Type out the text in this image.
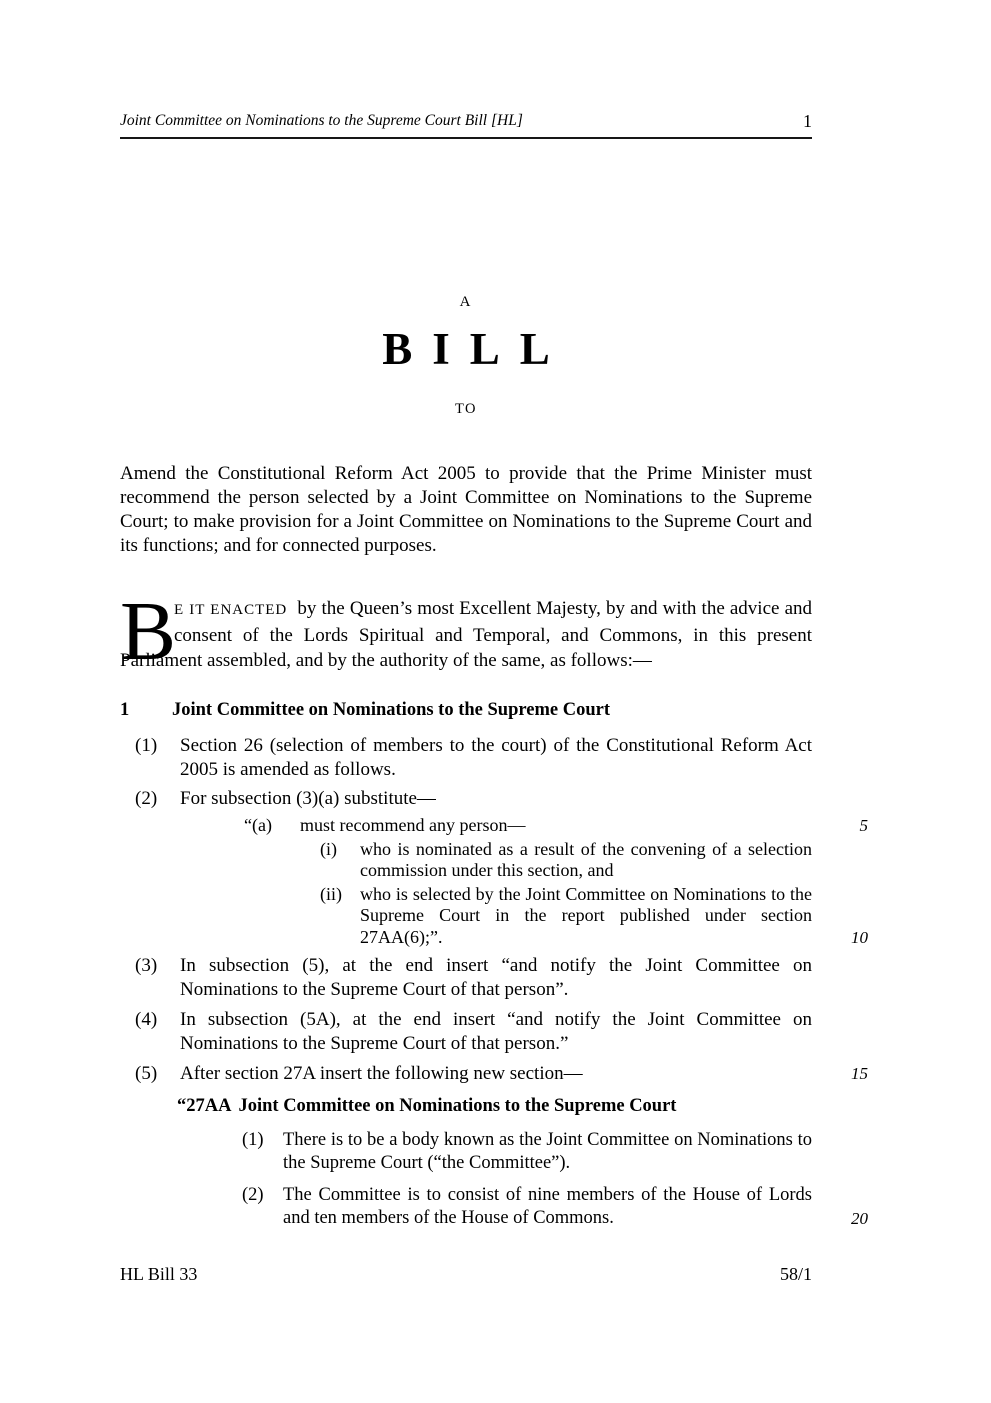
Joint Committee on Nominations to the Supreme Court Bill [HL]	1
A
BILL
TO

Amend the Constitutional Reform Act 2005 to provide that the Prime Minister must recommend the person selected by a Joint Committee on Nominations to the Supreme Court; to make provision for a Joint Committee on Nominations to the Supreme Court and its functions; and for connected purposes.

B
E IT ENACTED by the Queen’s most Excellent Majesty, by and with the advice and consent of the Lords Spiritual and Temporal, and Commons, in this present Parliament assembled, and by the authority of the same, as follows:—

1 Joint Committee on Nominations to the Supreme Court
(1) Section 26 (selection of members to the court) of the Constitutional Reform Act 2005 is amended as follows.
(2) For subsection (3)(a) substitute—
5
“(a) must recommend any person—
(i) who is nominated as a result of the convening of a selection commission under this section, and
10
(ii) who is selected by the Joint Committee on Nominations to the Supreme Court in the report published under section 27AA(6);”.
(3) In subsection (5), at the end insert “and notify the Joint Committee on Nominations to the Supreme Court of that person”.
(4) In subsection (5A), at the end insert “and notify the Joint Committee on Nominations to the Supreme Court of that person.”
15
(5) After section 27A insert the following new section—
“27AA Joint Committee on Nominations to the Supreme Court
(1) There is to be a body known as the Joint Committee on Nominations to the Supreme Court (“the Committee”).
20
(2) The Committee is to consist of nine members of the House of Lords and ten members of the House of Commons.
HL Bill 33	58/1
